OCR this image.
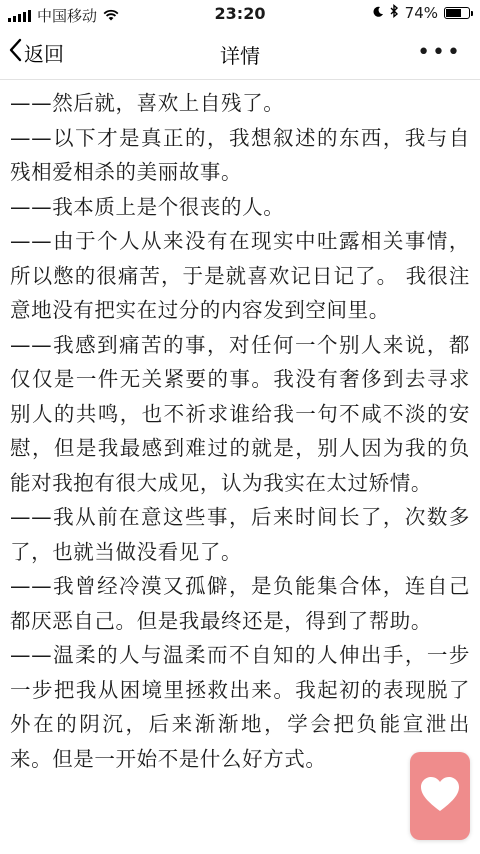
中国移动	23:20	74%
返回	详情	•••

——然后就，喜欢上自残了。

——以下才是真正的，我想叙述的东西，我与自残相爱相杀的美丽故事。

——我本质上是个很丧的人。

——由于个人从来没有在现实中吐露相关事情，所以憋的很痛苦，于是就喜欢记日记了。 我很注意地没有把实在过分的内容发到空间里。

——我感到痛苦的事，对任何一个别人来说，都仅仅是一件无关紧要的事。我没有奢侈到去寻求别人的共鸣，也不祈求谁给我一句不咸不淡的安慰，但是我最感到难过的就是，别人因为我的负能对我抱有很大成见，认为我实在太过矫情。

——我从前在意这些事，后来时间长了，次数多了，也就当做没看见了。

——我曾经冷漠又孤僻，是负能集合体，连自己都厌恶自己。但是我最终还是，得到了帮助。

——温柔的人与温柔而不自知的人伸出手，一步一步把我从困境里拯救出来。我起初的表现脱了外在的阴沉，后来渐渐地，学会把负能宣泄出来。但是一开始不是什么好方式。
